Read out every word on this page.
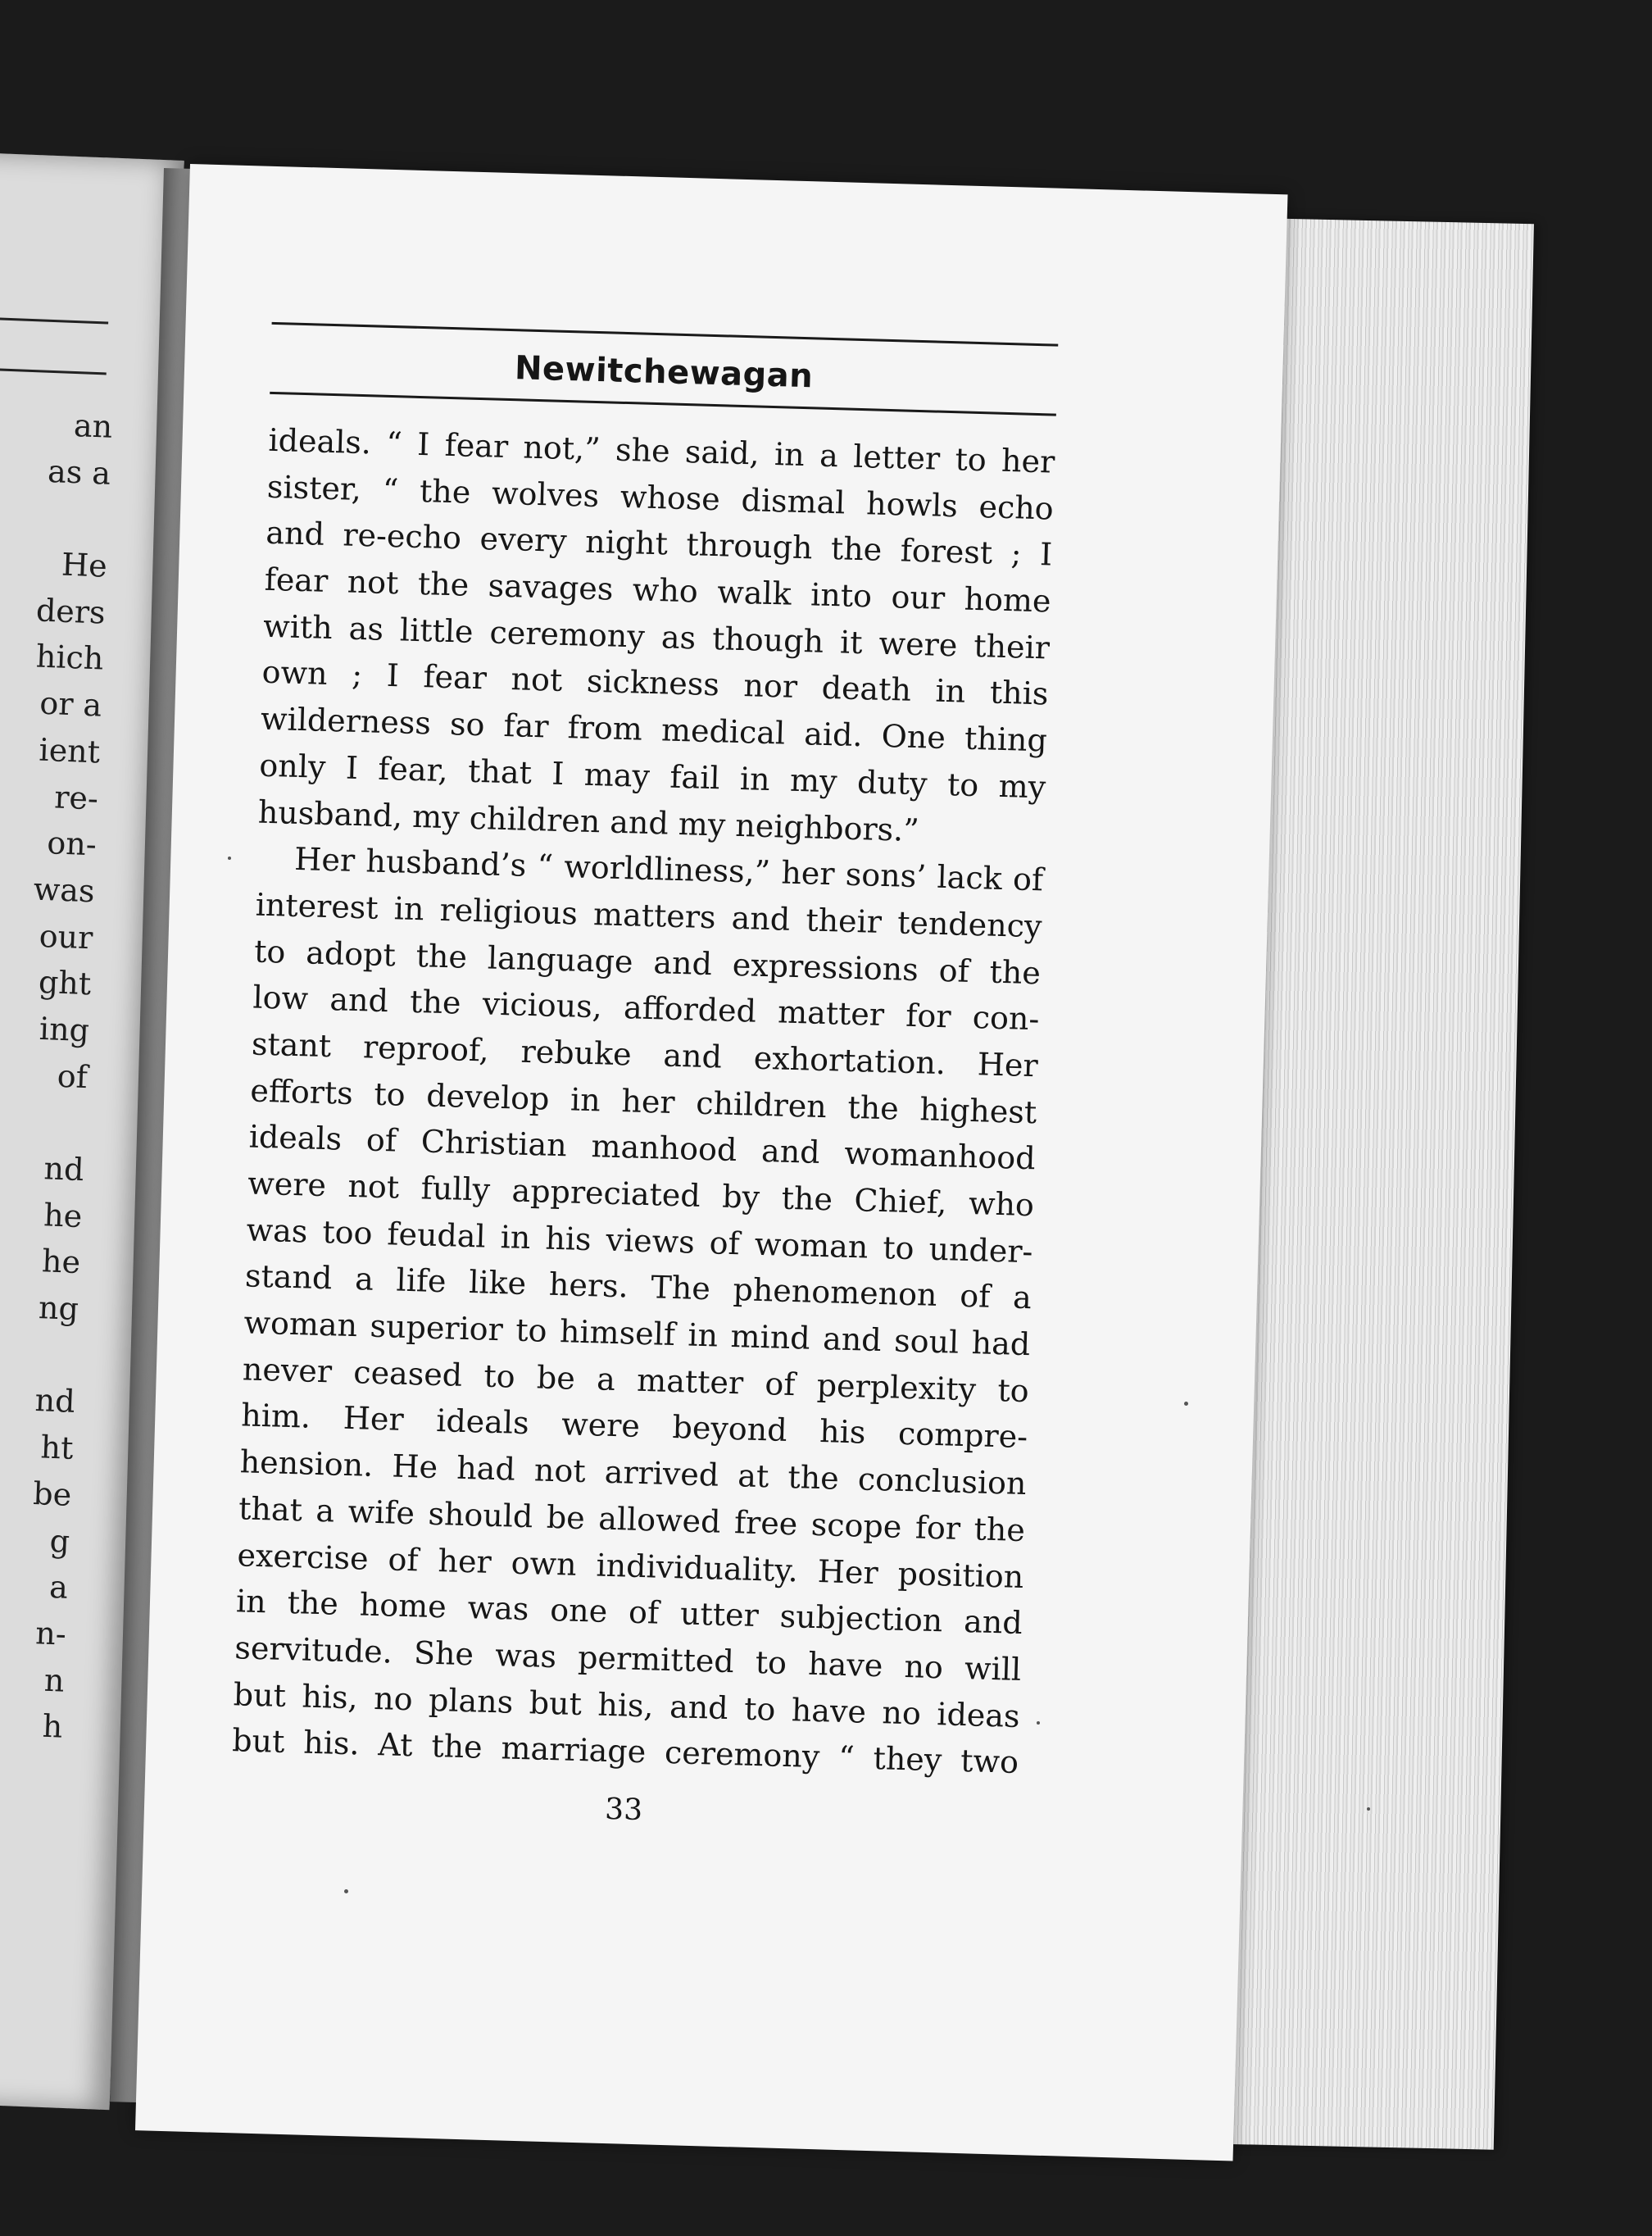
an
as a
He
ders
hich
or a
ient
re-
on-
was
our
ght
ing
of
nd
he
he
ng
nd
ht
be
g
a
n-
n
h
Newitchewagan
ideals. “ I fear not,” she said, in a letter to her
sister, “ the wolves whose dismal howls echo
and re-echo every night through the forest ; I
fear not the savages who walk into our home
with as little ceremony as though it were their
own ; I fear not sickness nor death in this
wilderness so far from medical aid. One thing
only I fear, that I may fail in my duty to my
husband, my children and my neighbors.”
Her husband’s “ worldliness,” her sons’ lack of
interest in religious matters and their tendency
to adopt the language and expressions of the
low and the vicious, afforded matter for con-
stant reproof, rebuke and exhortation. Her
efforts to develop in her children the highest
ideals of Christian manhood and womanhood
were not fully appreciated by the Chief, who
was too feudal in his views of woman to under-
stand a life like hers. The phenomenon of a
woman superior to himself in mind and soul had
never ceased to be a matter of perplexity to
him. Her ideals were beyond his compre-
hension. He had not arrived at the conclusion
that a wife should be allowed free scope for the
exercise of her own individuality. Her position
in the home was one of utter subjection and
servitude. She was permitted to have no will
but his, no plans but his, and to have no ideas
but his. At the marriage ceremony “ they two
33
